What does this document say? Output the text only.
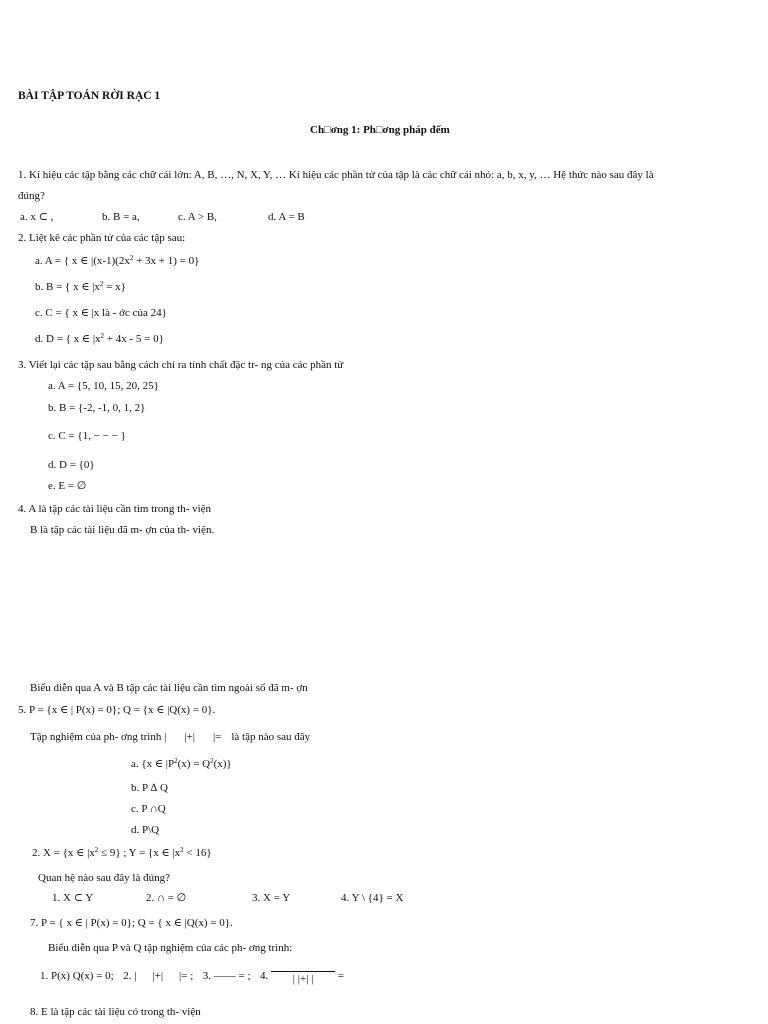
BÀI TẬP TOÁN RỜI RẠC 1
Ch□ơng 1: Ph□ơng pháp đếm
1. Kí hiệu các tập bằng các chữ cái lớn: A, B, …, N, X, Y, … Kí hiệu các phần tử của tập là các chữ cái nhỏ: a, b, x, y, … Hệ thức nào sau đây là
đúng?
a. x ⊂ ,	b. B = a,	c. A > B,	d. A = B
2. Liệt kê các phần tử của các tập sau:
a. A = { x ∈ $|(x-1)(2x^2 + 3x + 1) = 0$}
b. B = { x ∈ $|x^2 = x$}
c. C = { x ∈ |x là - ớc của 24}
d. D = { x ∈ $|x^2 + 4x - 5 = 0$}
3. Viết lại các tập sau bằng cách chỉ ra tính chất đặc tr- ng của các phần tử
a. A = {5, 10, 15, 20, 25}
b. B = {-2, -1, 0, 1, 2}
c. C = {1, − − − }
d. D = {0}
e. E = ∅
4. A là tập các tài liệu cần tìm trong th- viện
B là tập các tài liệu đã m- ợn của th- viện.
Biểu diễn qua A và B tập các tài liệu cần tìm ngoài số đã m- ợn
5. P = {x ∈ | P(x) = 0}; Q = {x ∈ |Q(x) = 0}.
Tập nghiệm của ph- ơng trình | |+| |= là tập nào sau đây
a. {x ∈ $|P^2(x) = Q^2(x)$}
b. P ∆ Q
c. P ∩Q
d. P\Q
2. X = {x ∈ $|x^2 \le 9$} ; Y = {x ∈ $|x^2 < 16$}
Quan hệ nào sau đây là đúng?
1. X ⊂ Y	2. ∩ = ∅	3. X = Y	4. Y \ {4} = X
7. P = { x ∈ | P(x) = 0}; Q = { x ∈ |Q(x) = 0}.
Biểu diễn qua P và Q tập nghiệm của các ph- ơng trình:
1. P(x) Q(x) = 0; 2. | |+| |= ; 3. —— = ; 4. | |+| | =
8. E là tập các tài liệu có trong th- viện
